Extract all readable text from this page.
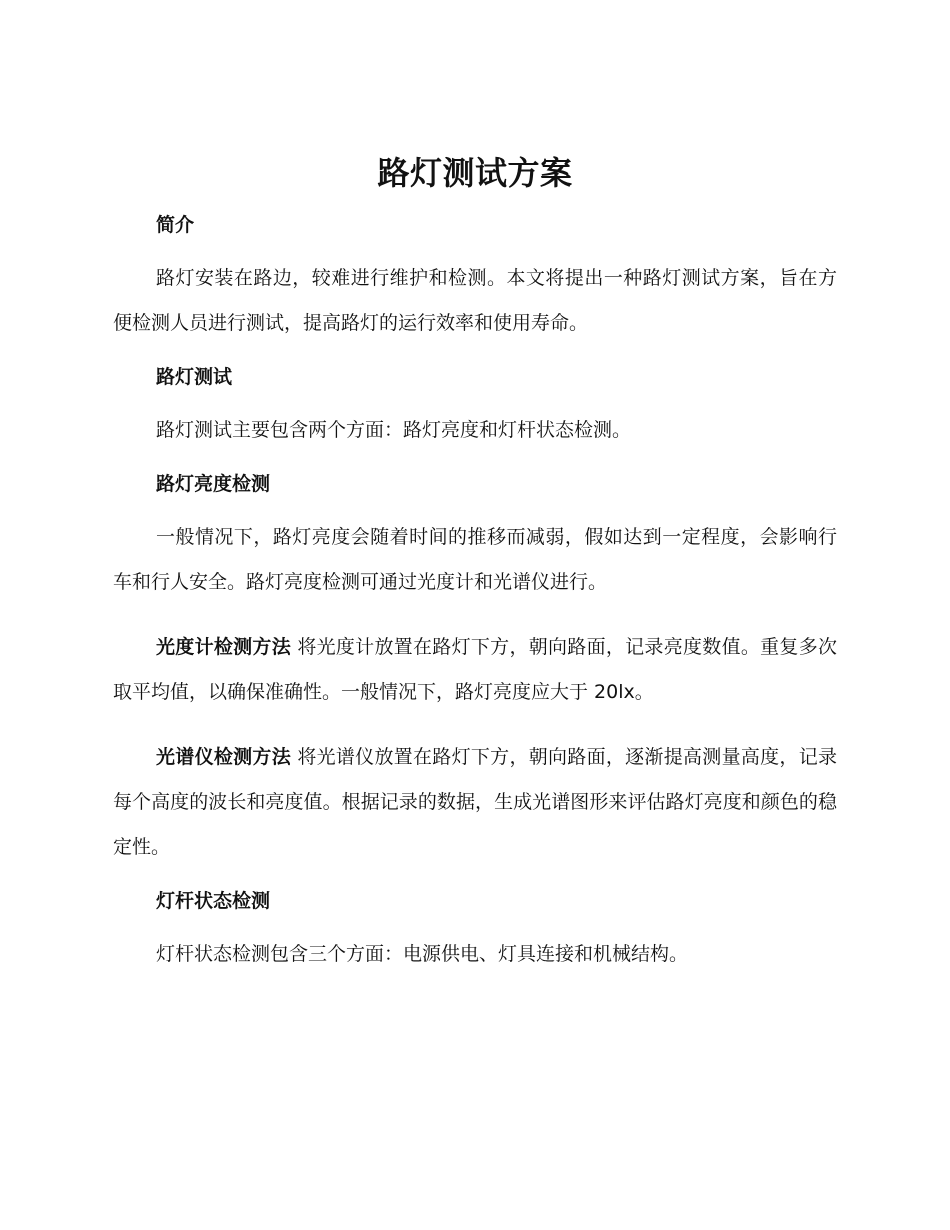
路灯测试方案
简介

路灯安装在路边，较难进行维护和检测。本文将提出一种路灯测试方案，旨在方便检测人员进行测试，提高路灯的运行效率和使用寿命。

路灯测试

路灯测试主要包含两个方面：路灯亮度和灯杆状态检测。

路灯亮度检测

一般情况下，路灯亮度会随着时间的推移而减弱，假如达到一定程度，会影响行车和行人安全。路灯亮度检测可通过光度计和光谱仪进行。

光度计检测方法 将光度计放置在路灯下方，朝向路面，记录亮度数值。重复多次取平均值，以确保准确性。一般情况下，路灯亮度应大于 20lx。

光谱仪检测方法 将光谱仪放置在路灯下方，朝向路面，逐渐提高测量高度，记录每个高度的波长和亮度值。根据记录的数据，生成光谱图形来评估路灯亮度和颜色的稳定性。

灯杆状态检测

灯杆状态检测包含三个方面：电源供电、灯具连接和机械结构。
